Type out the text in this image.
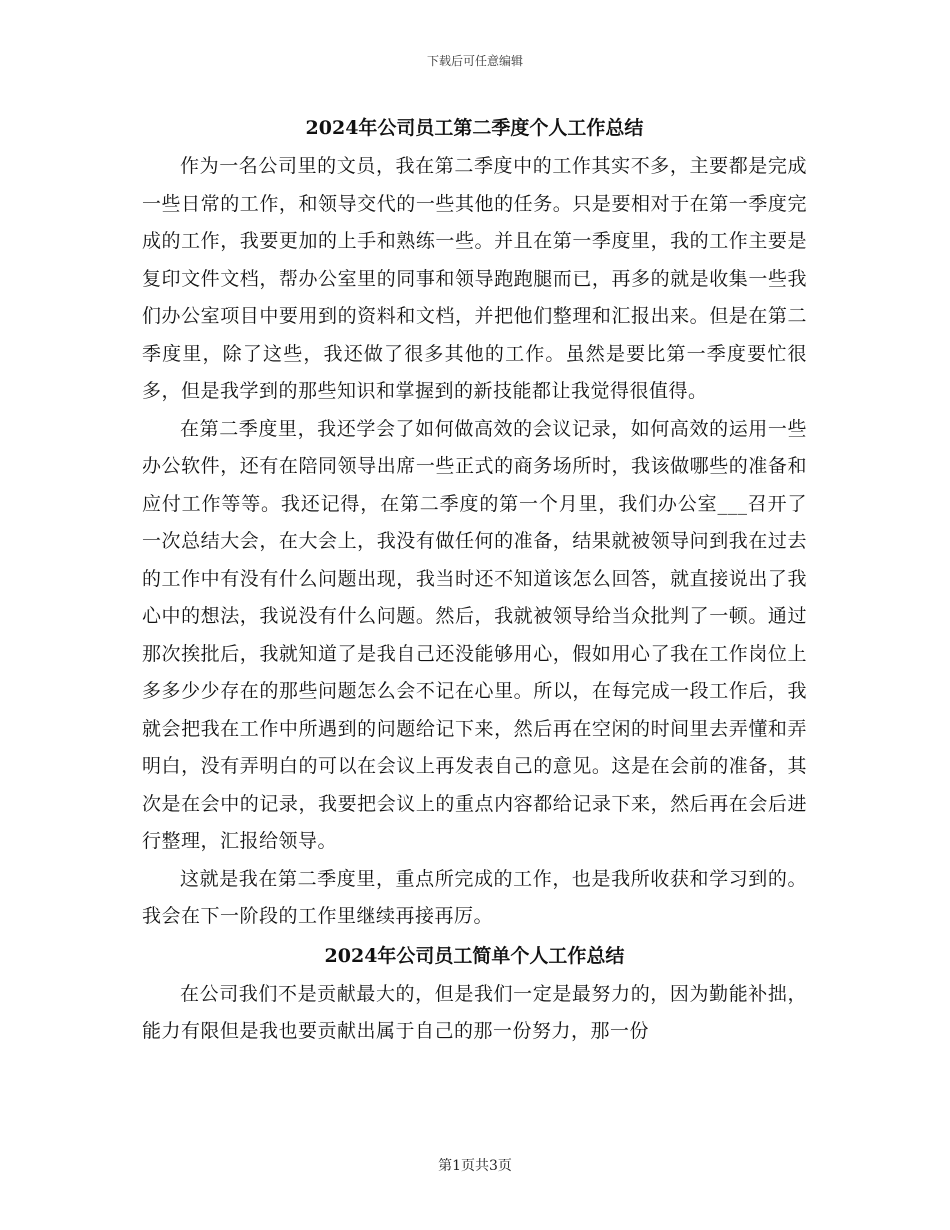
下载后可任意编辑
2024年公司员工第二季度个人工作总结

作为一名公司里的文员，我在第二季度中的工作其实不多，主要都是完成一些日常的工作，和领导交代的一些其他的任务。只是要相对于在第一季度完成的工作，我要更加的上手和熟练一些。并且在第一季度里，我的工作主要是复印文件文档，帮办公室里的同事和领导跑跑腿而已，再多的就是收集一些我们办公室项目中要用到的资料和文档，并把他们整理和汇报出来。但是在第二季度里，除了这些，我还做了很多其他的工作。虽然是要比第一季度要忙很多，但是我学到的那些知识和掌握到的新技能都让我觉得很值得。

在第二季度里，我还学会了如何做高效的会议记录，如何高效的运用一些办公软件，还有在陪同领导出席一些正式的商务场所时，我该做哪些的准备和应付工作等等。我还记得，在第二季度的第一个月里，我们办公室___召开了一次总结大会，在大会上，我没有做任何的准备，结果就被领导问到我在过去的工作中有没有什么问题出现，我当时还不知道该怎么回答，就直接说出了我心中的想法，我说没有什么问题。然后，我就被领导给当众批判了一顿。通过那次挨批后，我就知道了是我自己还没能够用心，假如用心了我在工作岗位上多多少少存在的那些问题怎么会不记在心里。所以，在每完成一段工作后，我就会把我在工作中所遇到的问题给记下来，然后再在空闲的时间里去弄懂和弄明白，没有弄明白的可以在会议上再发表自己的意见。这是在会前的准备，其次是在会中的记录，我要把会议上的重点内容都给记录下来，然后再在会后进行整理，汇报给领导。

这就是我在第二季度里，重点所完成的工作，也是我所收获和学习到的。我会在下一阶段的工作里继续再接再厉。

2024年公司员工简单个人工作总结

在公司我们不是贡献最大的，但是我们一定是最努力的，因为勤能补拙，能力有限但是我也要贡献出属于自己的那一份努力，那一份

第1页共3页
